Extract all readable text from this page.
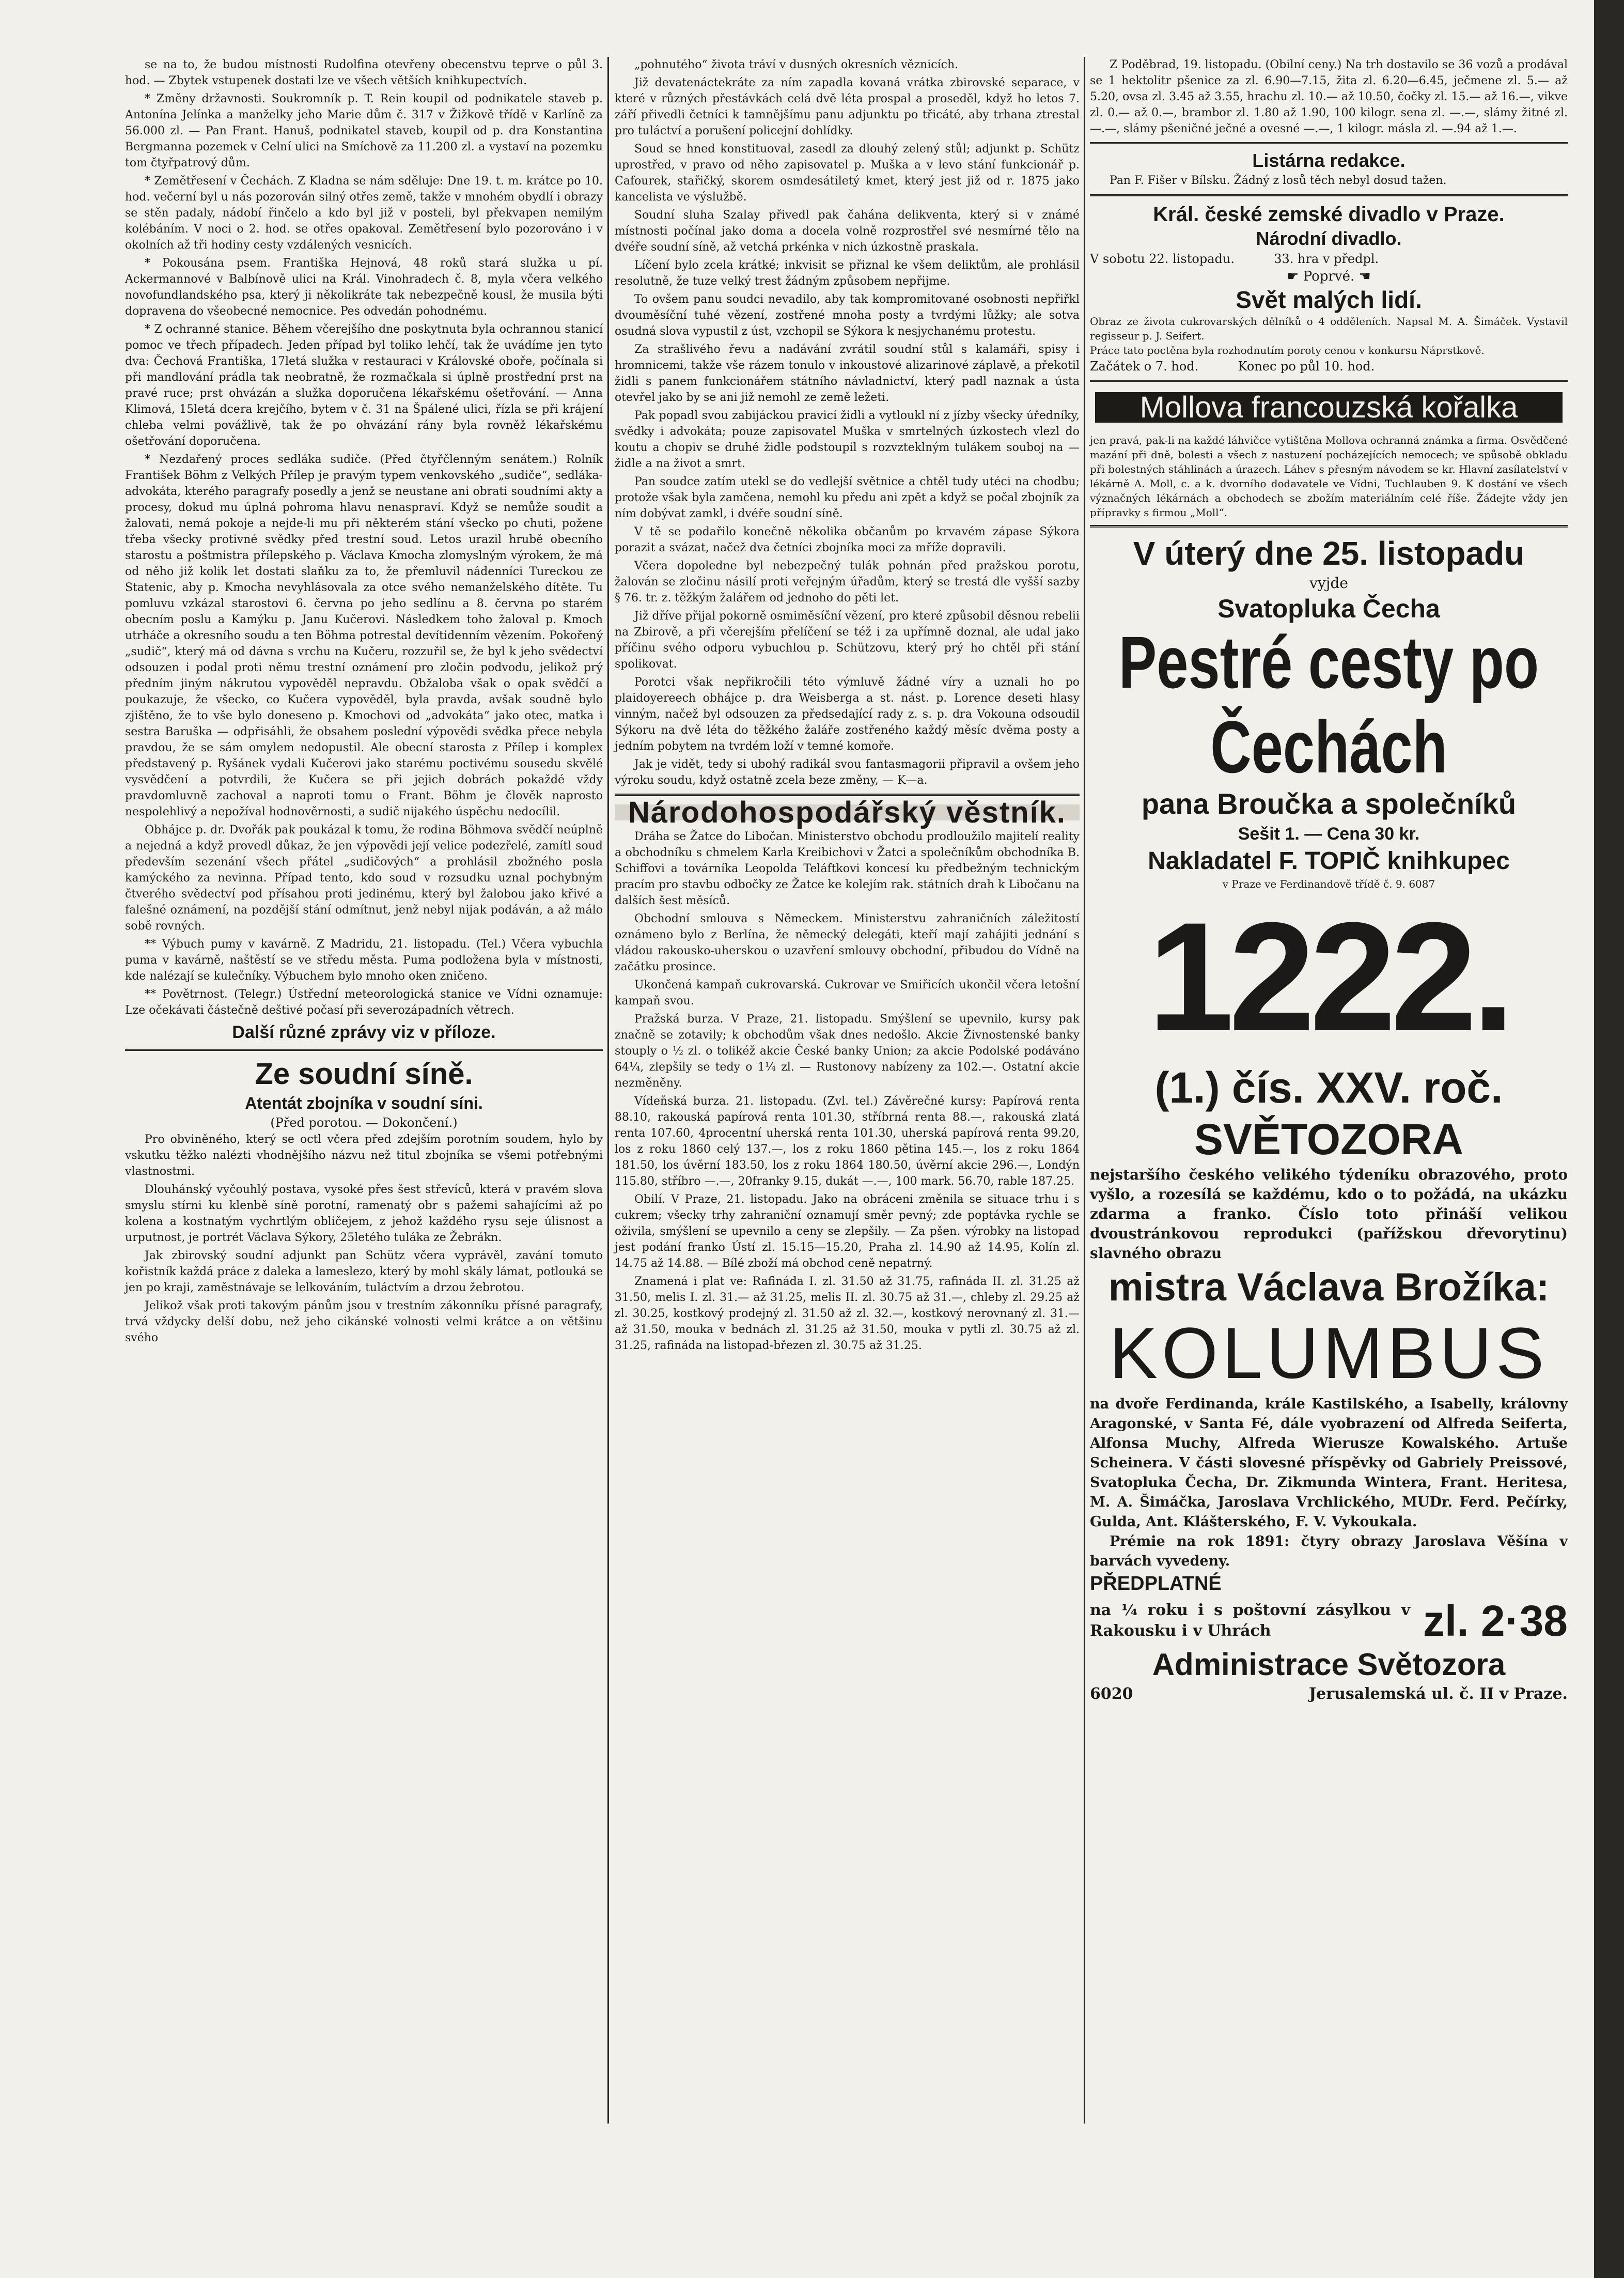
se na to, že budou místnosti Rudolfina otevřeny obecenstvu teprve o půl 3. hod. — Zbytek vstupenek dostati lze ve všech větších knihkupectvích.

* Změny državnosti. Soukromník p. T. Rein koupil od podnikatele staveb p. Antonína Jelínka a manželky jeho Marie dům č. 317 v Žižkově třídě v Karlíně za 56.000 zl. — Pan Frant. Hanuš, podnikatel staveb, koupil od p. dra Konstantina Bergmanna pozemek v Celní ulici na Smíchově za 11.200 zl. a vystaví na pozemku tom čtyřpatrový dům.

* Zemětřesení v Čechách. Z Kladna se nám sděluje: Dne 19. t. m. krátce po 10. hod. večerní byl u nás pozorován silný otřes země, takže v mnohém obydlí i obrazy se stěn padaly, nádobí řinčelo a kdo byl již v posteli, byl překvapen nemilým kolébáním. V noci o 2. hod. se otřes opakoval. Zemětřesení bylo pozorováno i v okolních až tři hodiny cesty vzdálených vesnicích.

* Pokousána psem. Františka Hejnová, 48 roků stará služka u pí. Ackermannové v Balbínově ulici na Král. Vinohradech č. 8, myla včera velkého novofundlandského psa, který ji několikráte tak nebezpečně kousl, že musila býti dopravena do všeobecné nemocnice. Pes odvedán pohodnému.

* Z ochranné stanice. Během včerejšího dne poskytnuta byla ochrannou stanicí pomoc ve třech případech. Jeden případ byl toliko lehčí, tak že uvádíme jen tyto dva: Čechová Františka, 17letá služka v restauraci v Královské oboře, počínala si při mandlování prádla tak neobratně, že rozmačkala si úplně prostřední prst na pravé ruce; prst ohvázán a služka doporučena lékařskému ošetřování. — Anna Klimová, 15letá dcera krejčího, bytem v č. 31 na Špálené ulici, řízla se při krájení chleba velmi povážlivě, tak že po ohvázání rány byla rovněž lékařskému ošetřování doporučena.

* Nezdařený proces sedláka sudiče. (Před čtyřčlenným senátem.) Rolník František Böhm z Velkých Přílep je pravým typem venkovského „sudiče“, sedláka-advokáta, kterého paragrafy posedly a jenž se neustane ani obrati soudními akty a procesy, dokud mu úplná pohroma hlavu nenaspraví. Když se nemůže soudit a žalovati, nemá pokoje a nejde-li mu při některém stání všecko po chuti, požene třeba všecky protivné svědky před trestní soud. Letos urazil hrubě obecního starostu a poštmistra přílepského p. Václava Kmocha zlomyslným výrokem, že má od něho již kolik let dostati slaňku za to, že přemluvil nádenníci Tureckou ze Statenic, aby p. Kmocha nevyhlásovala za otce svého nemanželského dítěte. Tu pomluvu vzkázal starostovi 6. června po jeho sedlínu a 8. června po starém obecním poslu a Kamýku p. Janu Kučerovi. Následkem toho žaloval p. Kmoch utrháče a okresního soudu a ten Böhma potrestal devítidenním vězením. Pokořený „sudič“, který má od dávna s vrchu na Kučeru, rozzuřil se, že byl k jeho svědectví odsouzen i podal proti němu trestní oznámení pro zločin podvodu, jelikož prý předním jiným nákrutou vypověděl nepravdu. Obžaloba však o opak svědčí a poukazuje, že všecko, co Kučera vypověděl, byla pravda, avšak soudně bylo zjištěno, že to vše bylo doneseno p. Kmochovi od „advokáta“ jako otec, matka i sestra Baruška — odpřisáhli, že obsahem poslední výpovědi svědka přece nebyla pravdou, že se sám omylem nedopustil. Ale obecní starosta z Přílep i komplex představený p. Ryšánek vydali Kučerovi jako starému poctivému sousedu skvělé vysvědčení a potvrdili, že Kučera se při jejich dobrách pokaždé vždy pravdomluvně zachoval a naproti tomu o Frant. Böhm je člověk naprosto nespolehlivý a nepožíval hodnověrnosti, a sudič nijakého úspěchu nedocílil.

Obhájce p. dr. Dvořák pak poukázal k tomu, že rodina Böhmova svědčí neúplně a nejedná a když provedl důkaz, že jen výpovědi její velice podezřelé, zamítl soud především sezenání všech přátel „sudičových“ a prohlásil zbožného posla kamýckého za nevinna. Případ tento, kdo soud v rozsudku uznal pochybným čtverého svědectví pod přísahou proti jedinému, který byl žalobou jako křivé a falešné oznámení, na pozdější stání odmítnut, jenž nebyl nijak podáván, a až málo sobě rovných.

** Výbuch pumy v kavárně. Z Madridu, 21. listopadu. (Tel.) Včera vybuchla puma v kavárně, naštěstí se ve středu města. Puma podložena byla v místnosti, kde nalézají se kulečníky. Výbuchem bylo mnoho oken zničeno.

** Povětrnost. (Telegr.) Ústřední meteorologická stanice ve Vídni oznamuje: Lze očekávati částečně deštivé počasí při severozápadních větrech.

Další různé zprávy viz v příloze.
Ze soudní síně.
Atentát zbojníka v soudní síni.
(Před porotou. — Dokončení.)

Pro obviněného, který se octl včera před zdejším porotním soudem, hylo by vskutku těžko nalézti vhodnějšího názvu než titul zbojníka se všemi potřebnými vlastnostmi.

Dlouhánský vyčouhlý postava, vysoké přes šest střevíců, která v pravém slova smyslu stírni ku klenbě síně porotní, ramenatý obr s pažemi sahajícími až po kolena a kostnatým vychrtlým obličejem, z jehož každého rysu seje úlisnost a urputnost, je portrét Václava Sýkory, 25letého tuláka ze Žebrákn.

Jak zbirovský soudní adjunkt pan Schütz včera vyprávěl, zavání tomuto kořistník každá práce z daleka a lameslezo, který by mohl skály lámat, potlouká se jen po kraji, zaměstnávaje se lelkováním, tuláctvím a drzou žebrotou.

Jelikož však proti takovým pánům jsou v trestním zákonníku přísné paragrafy, trvá vždycky delší dobu, než jeho cikánské volnosti velmi krátce a on většinu svého

„pohnutého“ života tráví v dusných okresních věznicích.

Již devatenáctekráte za ním zapadla kovaná vrátka zbirovské separace, v které v různých přestávkách celá dvě léta prospal a proseděl, když ho letos 7. září přivedli četníci k tamnějšímu panu adjunktu po třicáté, aby trhana ztrestal pro tuláctví a porušení policejní dohlídky.

Soud se hned konstituoval, zasedl za dlouhý zelený stůl; adjunkt p. Schütz uprostřed, v pravo od něho zapisovatel p. Muška a v levo stání funkcionář p. Cafourek, stařičký, skorem osmdesátiletý kmet, který jest již od r. 1875 jako kancelista ve výslužbě.

Soudní sluha Szalay přivedl pak čahána delikventa, který si v známé místnosti počínal jako doma a docela volně rozprostřel své nesmírné tělo na dvéře soudní síně, až vetchá prkénka v nich úzkostně praskala.

Líčení bylo zcela krátké; inkvisit se přiznal ke všem deliktům, ale prohlásil resolutně, že tuze velký trest žádným způsobem nepřijme.

To ovšem panu soudci nevadilo, aby tak kompromitované osobnosti nepřiřkl dvouměsíční tuhé vězení, zostřené mnoha posty a tvrdými lůžky; ale sotva osudná slova vypustil z úst, vzchopil se Sýkora k nesjychanému protestu.

Za strašlivého řevu a nadávání zvrátil soudní stůl s kalamáři, spisy i hromnicemi, takže vše rázem tonulo v inkoustové alizarinové záplavě, a překotil židli s panem funkcionářem státního návladnictví, který padl naznak a ústa otevřel jako by se ani již nemohl ze země ležeti.

Pak popadl svou zabijáckou pravicí židli a vytloukl ní z jízby všecky úředníky, svědky i advokáta; pouze zapisovatel Muška v smrtelných úzkostech vlezl do koutu a chopiv se druhé židle podstoupil s rozvzteklným tulákem souboj na — židle a na život a smrt.

Pan soudce zatím utekl se do vedlejší světnice a chtěl tudy utéci na chodbu; protože však byla zamčena, nemohl ku předu ani zpět a když se počal zbojník za ním dobývat zamkl, i dvéře soudní síně.

V tě se podařilo konečně několika občanům po krvavém zápase Sýkora porazit a svázat, načež dva četníci zbojníka moci za mříže dopravili.

Včera dopoledne byl nebezpečný tulák pohnán před pražskou porotu, žalován se zločinu násilí proti veřejným úřadům, který se trestá dle vyšší sazby § 76. tr. z. těžkým žalářem od jednoho do pěti let.

Již dříve přijal pokorně osmiměsíční vězení, pro které způsobil děsnou rebelii na Zbirově, a při včerejším přelíčení se též i za upřímně doznal, ale udal jako příčinu svého odporu vybuchlou p. Schützovu, který prý ho chtěl při stání spolikovat.

Porotci však nepřikročili této výmluvě žádné víry a uznali ho po plaidoyereech obhájce p. dra Weisberga a st. nást. p. Lorence deseti hlasy vinným, načež byl odsouzen za předsedající rady z. s. p. dra Vokouna odsoudil Sýkoru na dvě léta do těžkého žaláře zostřeného každý měsíc dvěma posty a jedním pobytem na tvrdém loží v temné komoře.

Jak je vidět, tedy si ubohý radikál svou fantasmagorii připravil a ovšem jeho výroku soudu, když ostatně zcela beze změny, — K—a.

Národohospodářský věstník.

Dráha se Žatce do Libočan. Ministerstvo obchodu prodloužilo majitelí reality a obchodníku s chmelem Karla Kreibichovi v Žatci a společníkům obchodníka B. Schiffovi a továrníka Leopolda Teláftkovi koncesí ku předbežným technickým pracím pro stavbu odbočky ze Žatce ke kolejím rak. státních drah k Libočanu na dalších šest měsíců.

Obchodní smlouva s Německem. Ministerstvu zahraničních záležitostí oznámeno bylo z Berlína, že německý delegáti, kteří mají zahájiti jednání s vládou rakousko-uherskou o uzavření smlouvy obchodní, přibudou do Vídně na začátku prosince.

Ukončená kampaň cukrovarská. Cukrovar ve Smiřicích ukončil včera letošní kampaň svou.

Pražská burza. V Praze, 21. listopadu. Smýšlení se upevnilo, kursy pak značně se zotavily; k obchodům však dnes nedošlo. Akcie Živnostenské banky stouply o ½ zl. o tolikéž akcie České banky Union; za akcie Podolské podáváno 64¼, zlepšily se tedy o 1¼ zl. — Rustonovy nabízeny za 102.—. Ostatní akcie nezměněny.

Vídeňská burza. 21. listopadu. (Zvl. tel.) Závěrečné kursy: Papírová renta 88.10, rakouská papírová renta 101.30, stříbrná renta 88.—, rakouská zlatá renta 107.60, 4procentní uherská renta 101.30, uherská papírová renta 99.20, los z roku 1860 celý 137.—, los z roku 1860 pětina 145.—, los z roku 1864 181.50, los úvěrní 183.50, los z roku 1864 180.50, úvěrní akcie 296.—, Londýn 115.80, stříbro —.—, 20franky 9.15, dukát —.—, 100 mark. 56.70, rable 187.25.

Obilí. V Praze, 21. listopadu. Jako na obráceni změnila se situace trhu i s cukrem; všecky trhy zahraniční oznamují směr pevný; zde poptávka rychle se oživila, smýšlení se upevnilo a ceny se zlepšily. — Za pšen. výrobky na listopad jest podání franko Ústí zl. 15.15—15.20, Praha zl. 14.90 až 14.95, Kolín zl. 14.75 až 14.88. — Bílé zboží má obchod ceně nepatrný.

Znamená i plat ve: Rafináda I. zl. 31.50 až 31.75, rafináda II. zl. 31.25 až 31.50, melis I. zl. 31.— až 31.25, melis II. zl. 30.75 až 31.—, chleby zl. 29.25 až zl. 30.25, kostkový prodejný zl. 31.50 až zl. 32.—, kostkový nerovnaný zl. 31.— až 31.50, mouka v bednách zl. 31.25 až 31.50, mouka v pytli zl. 30.75 až zl. 31.25, rafináda na listopad-březen zl. 30.75 až 31.25.

Z Poděbrad, 19. listopadu. (Obilní ceny.) Na trh dostavilo se 36 vozů a prodával se 1 hektolitr pšenice za zl. 6.90—7.15, žita zl. 6.20—6.45, ječmene zl. 5.— až 5.20, ovsa zl. 3.45 až 3.55, hrachu zl. 10.— až 10.50, čočky zl. 15.— až 16.—, vikve zl. 0.— až 0.—, brambor zl. 1.80 až 1.90, 100 kilogr. sena zl. —.—, slámy žitné zl. —.—, slámy pšeničné ječné a ovesné —.—, 1 kilogr. másla zl. —.94 až 1.—.

Listárna redakce.

Pan F. Fišer v Bílsku. Žádný z losů těch nebyl dosud tažen.

Král. české zemské divadlo v Praze.
Národní divadlo.
V sobotu 22. listopadu.          33. hra v předpl.
☛ Poprvé. ☚
Svět malých lidí.
Obraz ze života cukrovarských dělníků o 4 odděleních. Napsal M. A. Šimáček. Vystavil regisseur p. J. Seifert.
Práce tato poctěna byla rozhodnutím poroty cenou v konkursu Náprstkově.
Začátek o 7. hod.          Konec po půl 10. hod.
Mollova francouzská kořalka
jen pravá, pak-li na každé láhvičce vytištěna Mollova ochranná známka a firma. Osvědčené mazání při dně, bolesti a všech z nastuzení pocházejících nemocech; ve spůsobě obkladu při bolestných stáhlinách a úrazech. Láhev s přesným návodem se kr. Hlavní zasílatelství v lékárně A. Moll, c. a k. dvorního dodavatele ve Vídni, Tuchlauben 9. K dostání ve všech význačných lékárnách a obchodech se zbožím materiálním celé říše. Žádejte vždy jen přípravky s firmou „Moll“.
V úterý dne 25. listopadu
vyjde
Svatopluka Čecha
Pestré cesty po Čechách
pana Broučka a společníků
Sešit 1. — Cena 30 kr.
Nakladatel F. TOPIČ knihkupec
v Praze ve Ferdinandově třídě č. 9. 6087
1222.
(1.) čís. XXV. roč. SVĚTOZORA
nejstaršího českého velikého týdeníku obrazového, proto vyšlo, a rozesílá se každému, kdo o to požádá, na ukázku zdarma a franko. Číslo toto přináší velikou dvoustránkovou reprodukci (pařížskou dřevorytinu) slavného obrazu
mistra Václava Brožíka:
KOLUMBUS
na dvoře Ferdinanda, krále Kastilského, a Isabelly, královny Aragonské, v Santa Fé, dále vyobrazení od Alfreda Seiferta, Alfonsa Muchy, Alfreda Wierusze Kowalského. Artuše Scheinera. V části slovesné příspěvky od Gabriely Preissové, Svatopluka Čecha, Dr. Zikmunda Wintera, Frant. Heritesa, M. A. Šimáčka, Jaroslava Vrchlického, MUDr. Ferd. Pečírky, Gulda, Ant. Klášterského, F. V. Vykoukala.
Prémie na rok 1891: čtyry obrazy Jaroslava Věšína v barvách vyvedeny.
PŘEDPLATNÉ
na ¼ roku i s poštovní zásylkou v Rakousku i v Uhrách	zl. 2·38
Administrace Světozora
6020	Jerusalemská ul. č. II v Praze.
